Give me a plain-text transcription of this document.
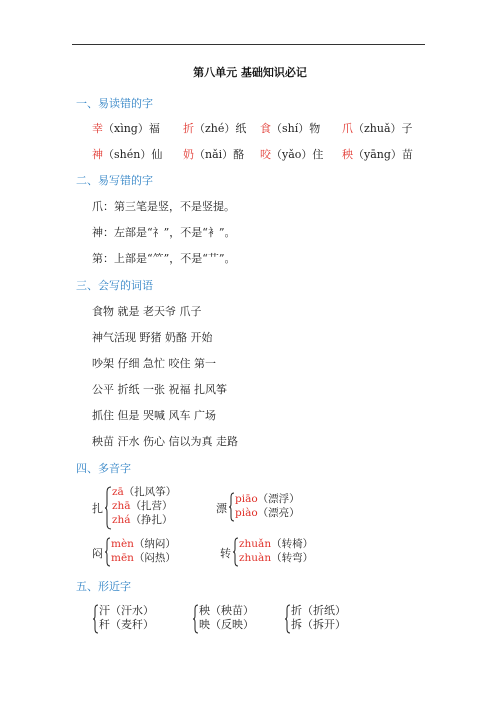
第八单元 基础知识必记
一、易读错的字
幸（xìng）福 折（zhé）纸 食（shí）物 爪（zhuǎ）子
神（shén）仙 奶（nǎi）酪 咬（yǎo）住 秧（yāng）苗
二、易写错的字
爪：第三笔是竖，不是竖提。
神：左部是“礻”，不是“衤”。
第：上部是“⺮”，不是“艹”。
三、会写的词语
食物 就是 老天爷 爪子
神气活现 野猪 奶酪 开始
吵架 仔细 急忙 咬住 第一
公平 折纸 一张 祝福 扎风筝
抓住 但是 哭喊 风车 广场
秧苗 汗水 伤心 信以为真 走路
四、多音字
扎
zā（扎风筝）
zhā（扎营）
zhá（挣扎）
漂
piāo（漂浮）
piào（漂亮）
闷
mèn（纳闷）
mēn（闷热）	转
zhuǎn（转椅）
zhuàn（转弯）
五、形近字
汗（汗水）
秆（麦秆）
秧（秧苗）
映（反映）
折（折纸）
拆（拆开）
